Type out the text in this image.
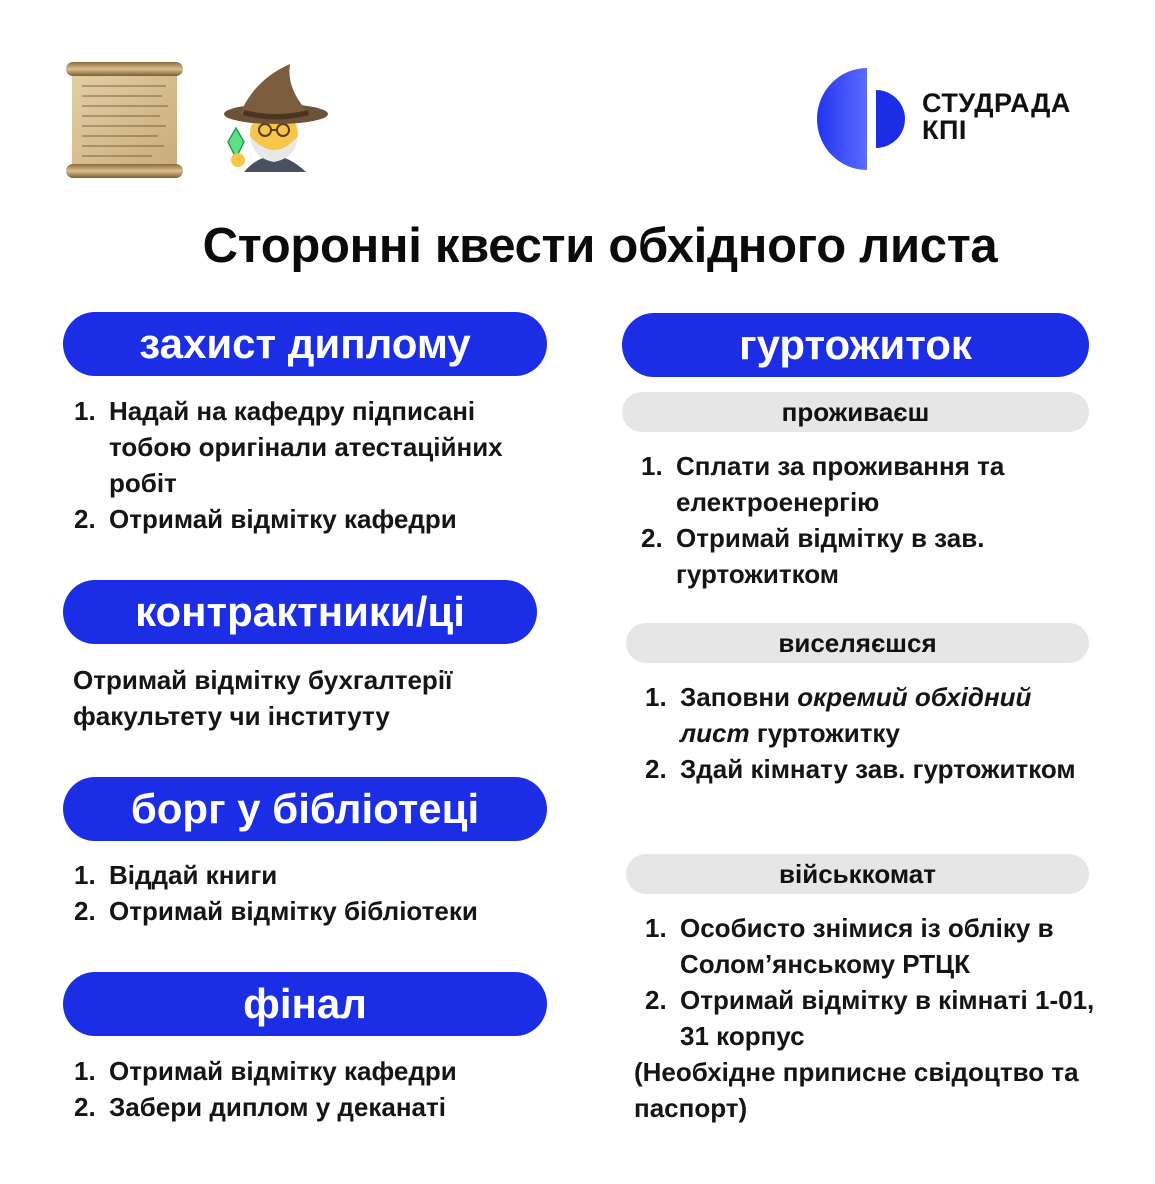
СТУДРАДА
КПІ
Сторонні квести обхідного листа
захист диплому
1. Надай на кафедру підписані тобою оригінали атестаційних робіт
2. Отримай відмітку кафедри
контрактники/ці
Отримай відмітку бухгалтерії факультету чи інституту
борг у бібліотеці
1. Віддай книги
2. Отримай відмітку бібліотеки
фінал
1. Отримай відмітку кафедри
2. Забери диплом у деканаті
гуртожиток
проживаєш
1. Сплати за проживання та електроенергію
2. Отримай відмітку в зав. гуртожитком
виселяєшся
1. Заповни окремий обхідний лист гуртожитку
2. Здай кімнату зав. гуртожитком
військкомат
1. Особисто знімися із обліку в Солом’янському РТЦК
2. Отримай відмітку в кімнаті 1-01, 31 корпус
(Необхідне приписне свідоцтво та паспорт)
